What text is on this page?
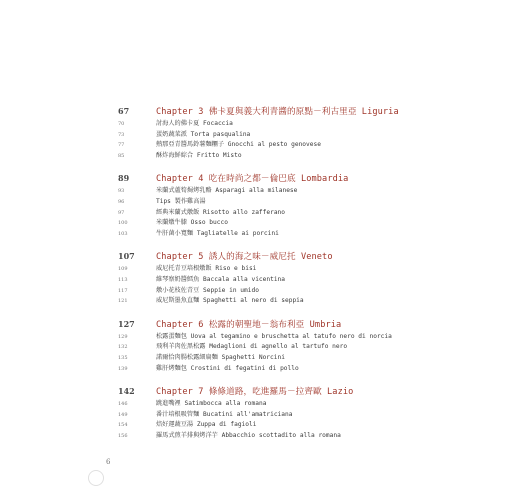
67	Chapter 3 佛卡夏與義大利青醬的原點－利古里亞 Liguria
70	討海人的佛卡夏 Focaccia
73	蛋奶蔬菜派 Torta pasqualina
77	熱那亞青醬馬鈴薯麵糰子 Gnocchi al pesto genovese
85	酥炸海鮮綜合 Fritto Misto
89	Chapter 4 吃在時尚之都－倫巴底 Lombardia
93	米蘭式蘆筍焗烤乳酪 Asparagi alla milanese
96	Tips 製作雞高湯
97	經典米蘭式燉飯 Risotto allo zafferano
100	米蘭燉牛膝 Osso bucco
103	牛肝菌小寬麵 Tagliatelle ai porcini
107	Chapter 5 誘人的海之味－威尼托 Veneto
109	威尼托青豆培根燉飯 Riso e bisi
113	維琴察奶醬鱈魚 Baccala alla vicentina
117	燉小花枝佐青豆 Seppie in umido
121	威尼斯墨魚直麵 Spaghetti al nero di seppia
127	Chapter 6 松露的朝聖地－翁布利亞 Umbria
129	松露蛋麵包 Uova al tegamino e bruschetta al tatufo nero di norcia
132	飛利羊肉佐黑松露 Medaglioni di agnello al tartufo nero
135	諾爾恰肉腸松露細扁麵 Spaghetti Norcini
139	雞肝烤麵包 Crostini di fegatini di pollo
142	Chapter 7 條條道路，吃進羅馬－拉齊歐 Lazio
146	跳進嘴裡 Satimbocca alla romana
149	番汁培根吸管麵 Bucatini all'amatriciana
154	焙好運蔬豆湯 Zuppa di fagioli
156	羅馬式煎羊排與烤洋芋 Abbacchio scottadito alla romana
6
